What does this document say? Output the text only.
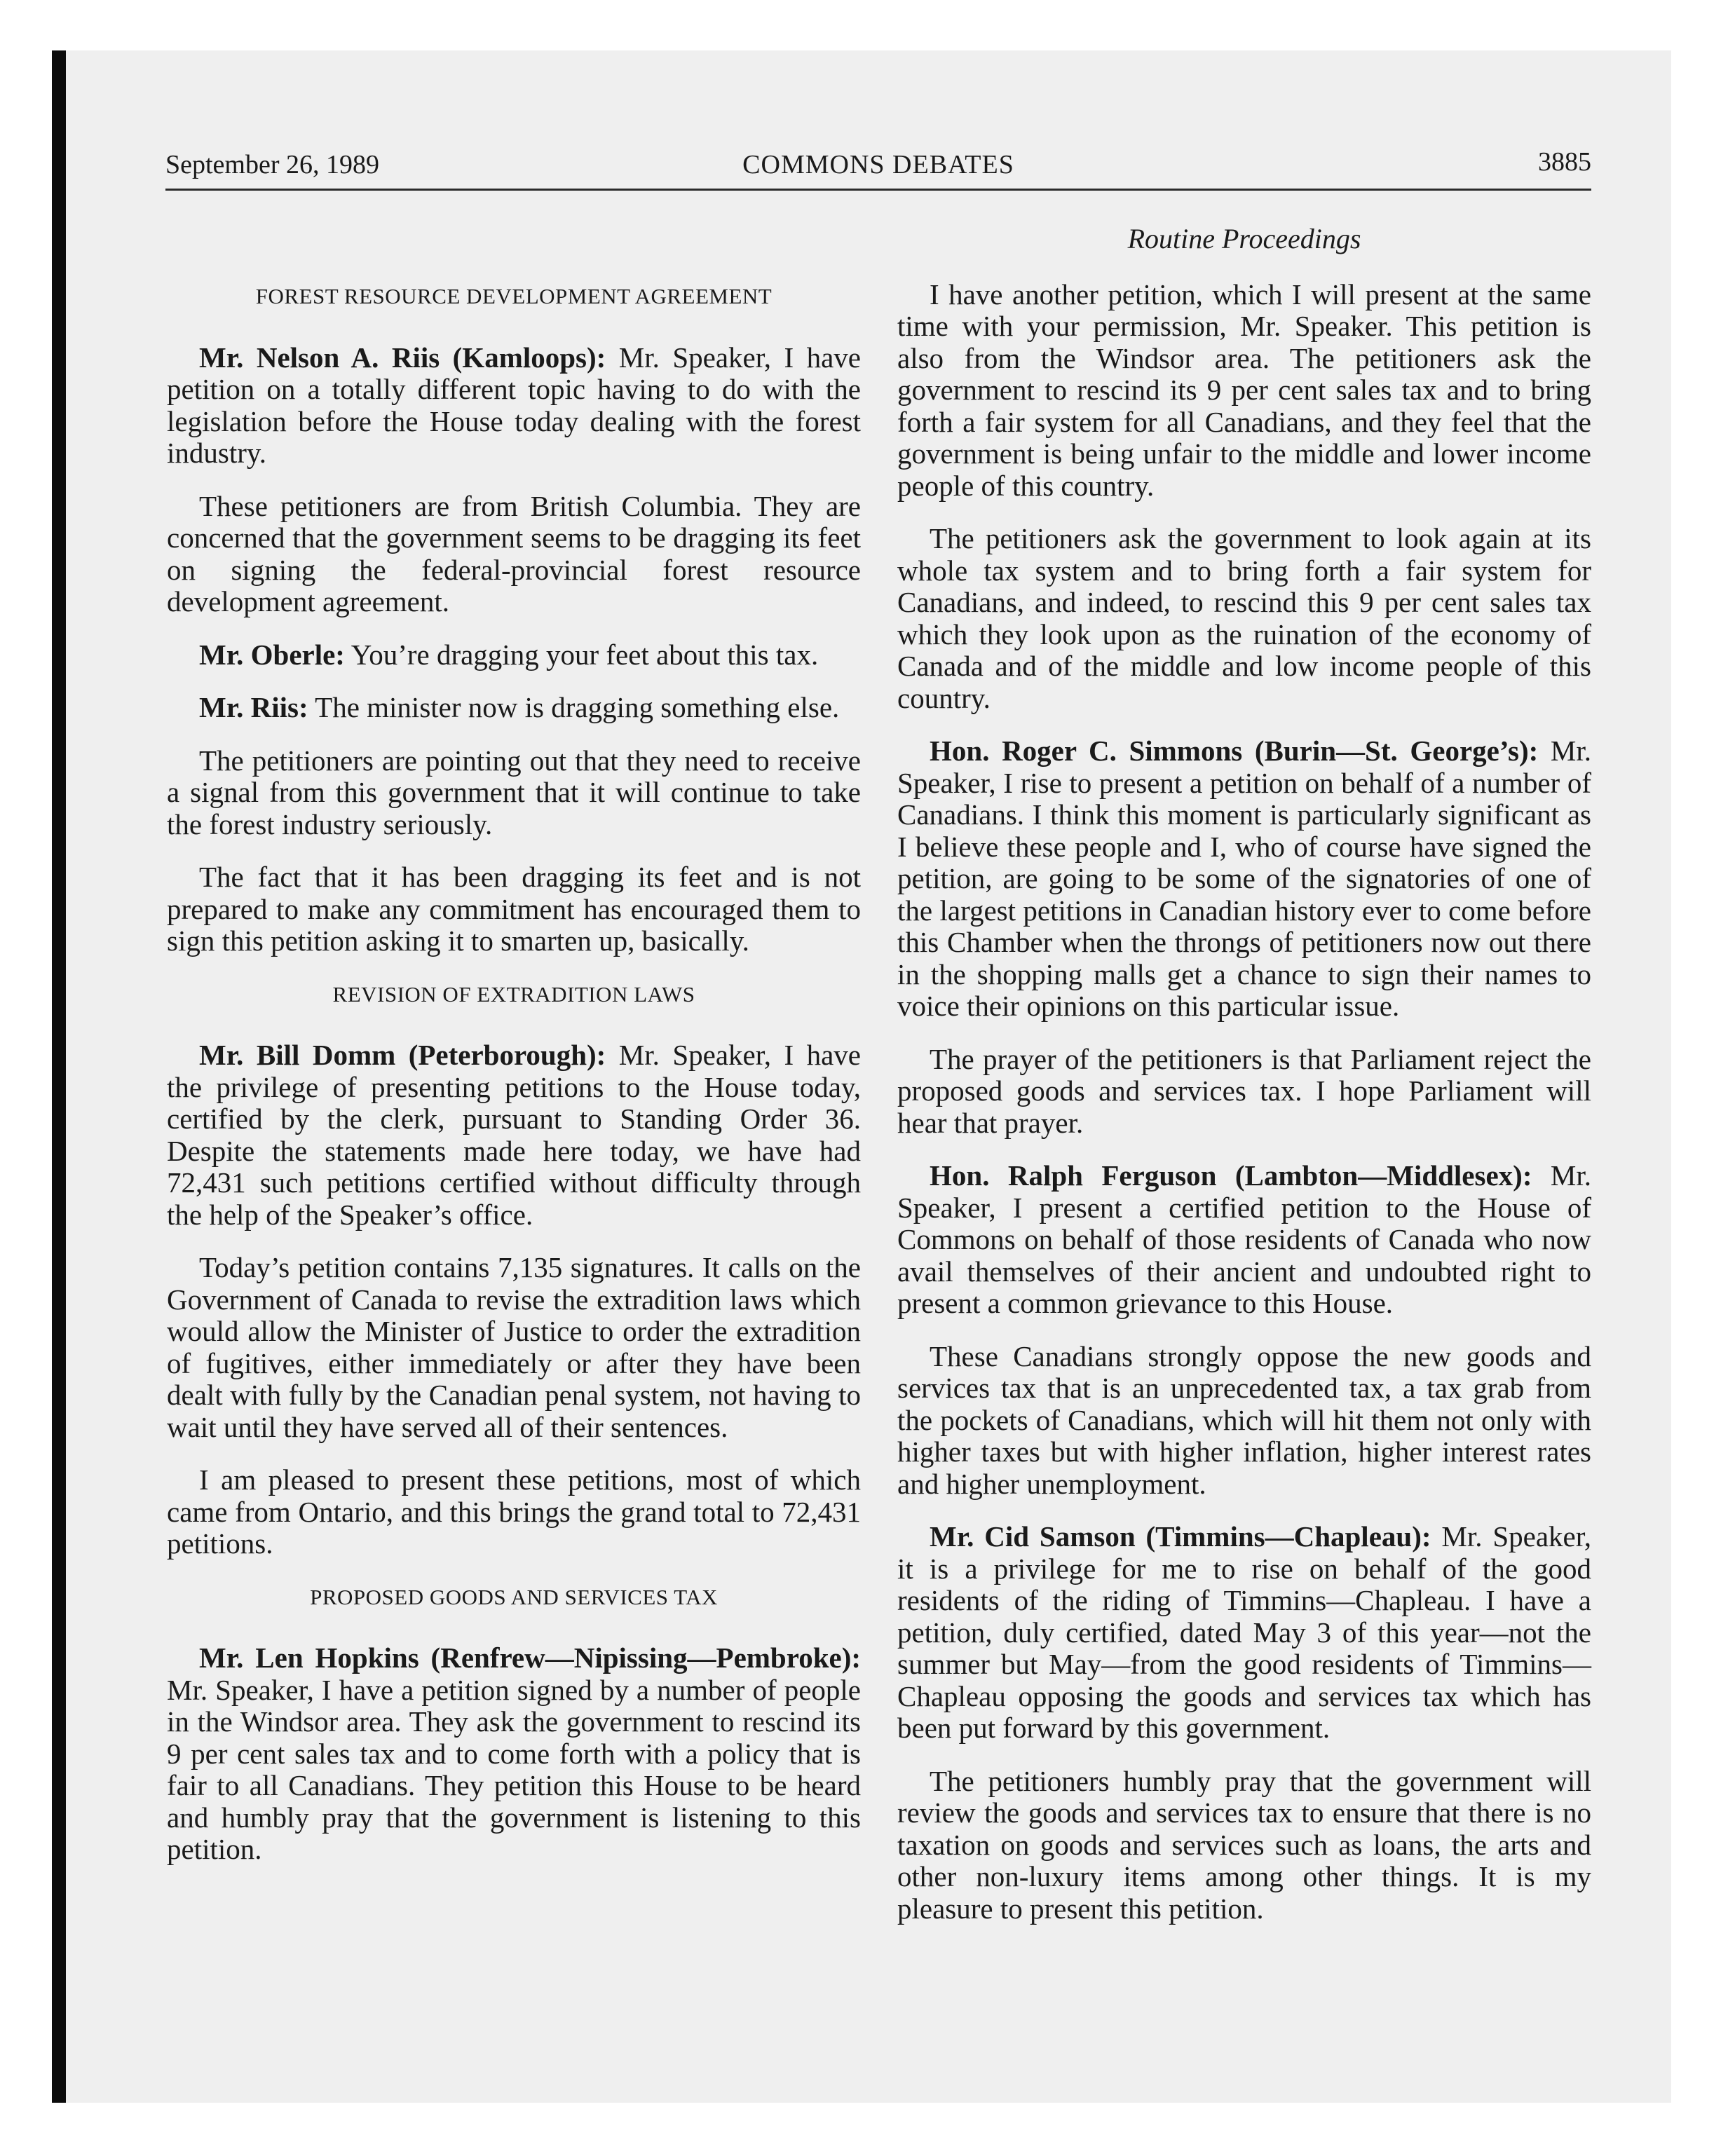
September 26, 1989	COMMONS DEBATES	3885
FOREST RESOURCE DEVELOPMENT AGREEMENT

Mr. Nelson A. Riis (Kamloops): Mr. Speaker, I have petition on a totally different topic having to do with the legislation before the House today dealing with the forest industry.

These petitioners are from British Columbia. They are concerned that the government seems to be dragging its feet on signing the federal-provincial forest resource development agreement.

Mr. Oberle: You’re dragging your feet about this tax.

Mr. Riis: The minister now is dragging something else.

The petitioners are pointing out that they need to receive a signal from this government that it will continue to take the forest industry seriously.

The fact that it has been dragging its feet and is not prepared to make any commitment has encouraged them to sign this petition asking it to smarten up, basically.

REVISION OF EXTRADITION LAWS

Mr. Bill Domm (Peterborough): Mr. Speaker, I have the privilege of presenting petitions to the House today, certified by the clerk, pursuant to Standing Order 36. Despite the statements made here today, we have had 72,431 such petitions certified without difficulty through the help of the Speaker’s office.

Today’s petition contains 7,135 signatures. It calls on the Government of Canada to revise the extradition laws which would allow the Minister of Justice to order the extradition of fugitives, either immediately or after they have been dealt with fully by the Canadian penal system, not having to wait until they have served all of their sentences.

I am pleased to present these petitions, most of which came from Ontario, and this brings the grand total to 72,431 petitions.

PROPOSED GOODS AND SERVICES TAX

Mr. Len Hopkins (Renfrew—Nipissing—Pembroke): Mr. Speaker, I have a petition signed by a number of people in the Windsor area. They ask the government to rescind its 9 per cent sales tax and to come forth with a policy that is fair to all Canadians. They petition this House to be heard and humbly pray that the government is listening to this petition.

Routine Proceedings

I have another petition, which I will present at the same time with your permission, Mr. Speaker. This petition is also from the Windsor area. The petitioners ask the government to rescind its 9 per cent sales tax and to bring forth a fair system for all Canadians, and they feel that the government is being unfair to the middle and lower income people of this country.

The petitioners ask the government to look again at its whole tax system and to bring forth a fair system for Canadians, and indeed, to rescind this 9 per cent sales tax which they look upon as the ruination of the economy of Canada and of the middle and low income people of this country.

Hon. Roger C. Simmons (Burin—St. George’s): Mr. Speaker, I rise to present a petition on behalf of a number of Canadians. I think this moment is particularly significant as I believe these people and I, who of course have signed the petition, are going to be some of the signatories of one of the largest petitions in Canadian history ever to come before this Chamber when the throngs of petitioners now out there in the shopping malls get a chance to sign their names to voice their opinions on this particular issue.

The prayer of the petitioners is that Parliament reject the proposed goods and services tax. I hope Parliament will hear that prayer.

Hon. Ralph Ferguson (Lambton—Middlesex): Mr. Speaker, I present a certified petition to the House of Commons on behalf of those residents of Canada who now avail themselves of their ancient and undoubted right to present a common grievance to this House.

These Canadians strongly oppose the new goods and services tax that is an unprecedented tax, a tax grab from the pockets of Canadians, which will hit them not only with higher taxes but with higher inflation, higher interest rates and higher unemployment.

Mr. Cid Samson (Timmins—Chapleau): Mr. Speaker, it is a privilege for me to rise on behalf of the good residents of the riding of Timmins—Chapleau. I have a petition, duly certified, dated May 3 of this year—not the summer but May—from the good residents of Timmins—Chapleau opposing the goods and services tax which has been put forward by this government.

The petitioners humbly pray that the government will review the goods and services tax to ensure that there is no taxation on goods and services such as loans, the arts and other non-luxury items among other things. It is my pleasure to present this petition.
